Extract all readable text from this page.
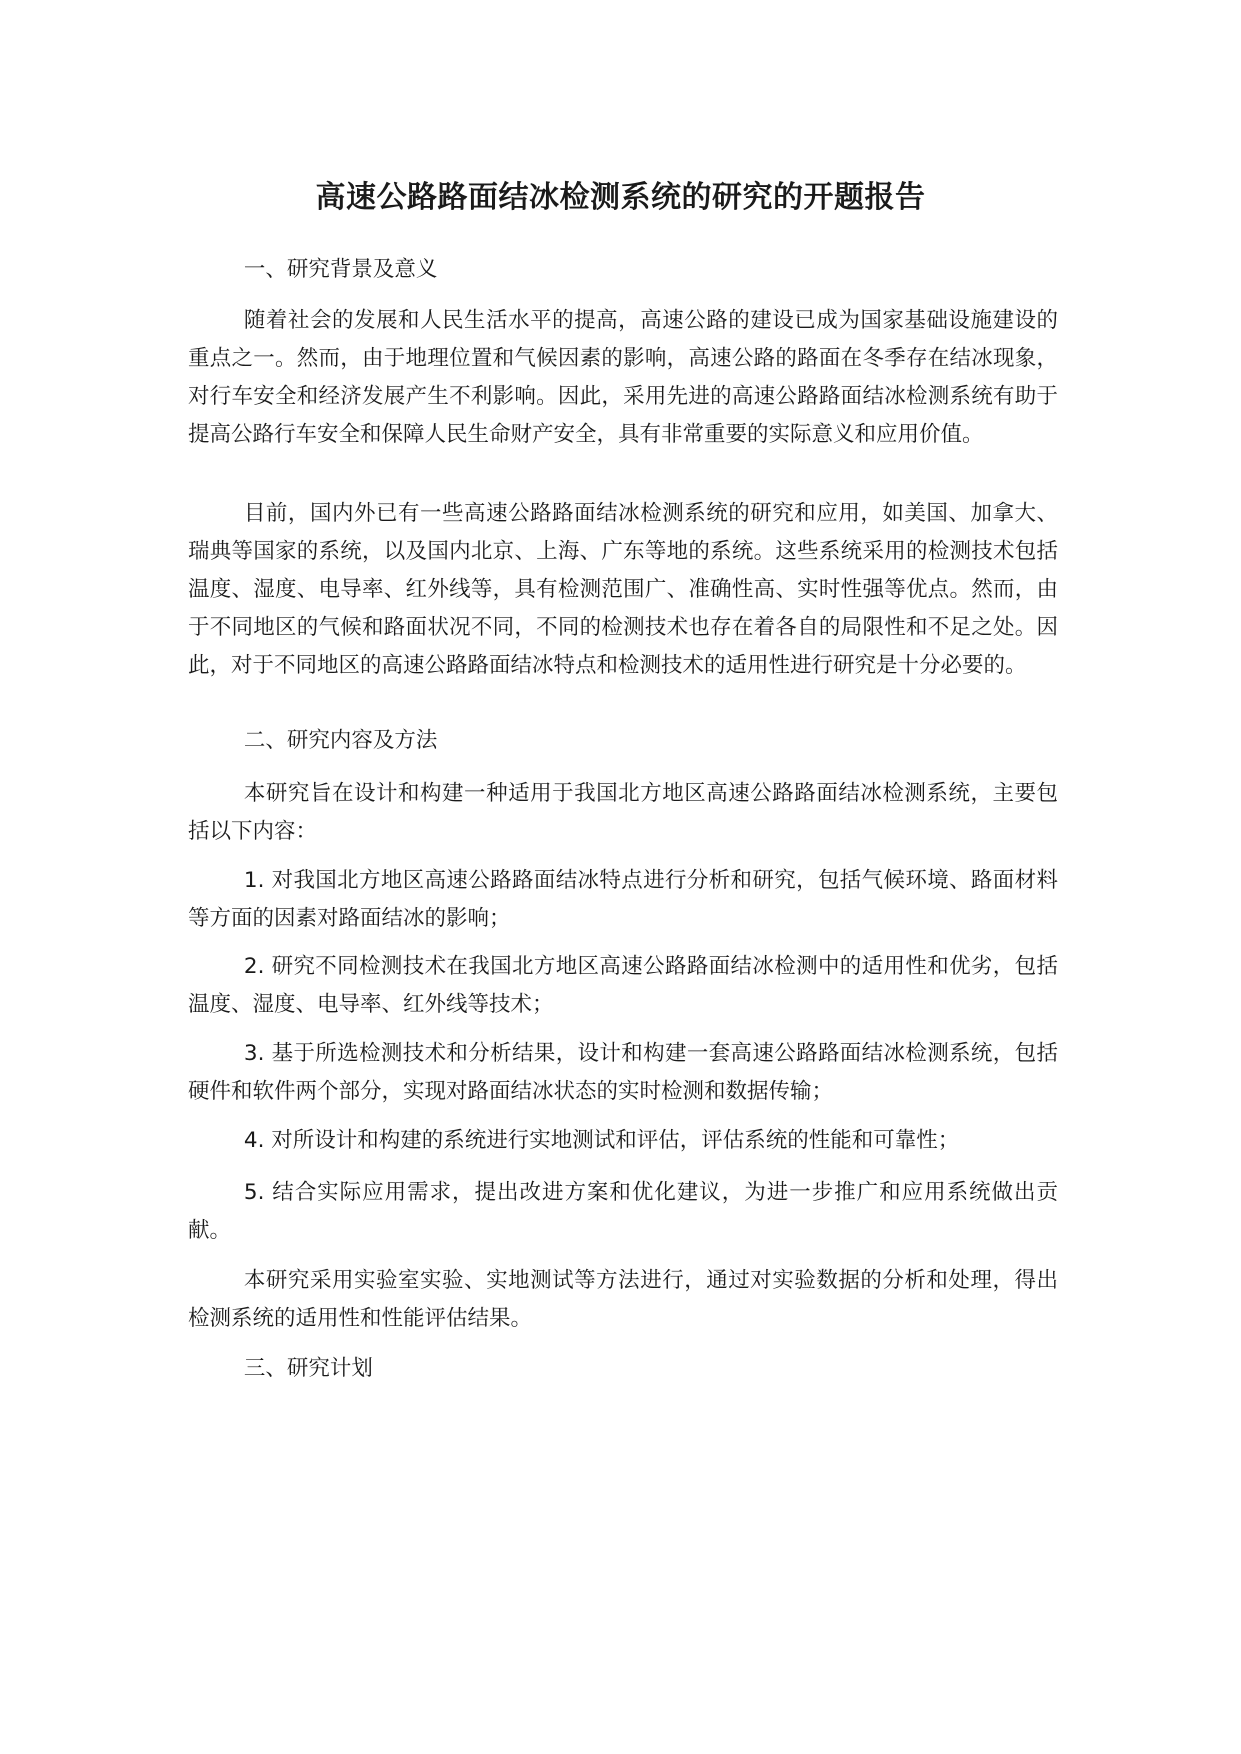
高速公路路面结冰检测系统的研究的开题报告

一、研究背景及意义

随着社会的发展和人民生活水平的提高，高速公路的建设已成为国家基础设施建设的重点之一。然而，由于地理位置和气候因素的影响，高速公路的路面在冬季存在结冰现象，对行车安全和经济发展产生不利影响。因此，采用先进的高速公路路面结冰检测系统有助于提高公路行车安全和保障人民生命财产安全，具有非常重要的实际意义和应用价值。

目前，国内外已有一些高速公路路面结冰检测系统的研究和应用，如美国、加拿大、瑞典等国家的系统，以及国内北京、上海、广东等地的系统。这些系统采用的检测技术包括温度、湿度、电导率、红外线等，具有检测范围广、准确性高、实时性强等优点。然而，由于不同地区的气候和路面状况不同，不同的检测技术也存在着各自的局限性和不足之处。因此，对于不同地区的高速公路路面结冰特点和检测技术的适用性进行研究是十分必要的。

二、研究内容及方法

本研究旨在设计和构建一种适用于我国北方地区高速公路路面结冰检测系统，主要包括以下内容：

1. 对我国北方地区高速公路路面结冰特点进行分析和研究，包括气候环境、路面材料等方面的因素对路面结冰的影响；

2. 研究不同检测技术在我国北方地区高速公路路面结冰检测中的适用性和优劣，包括温度、湿度、电导率、红外线等技术；

3. 基于所选检测技术和分析结果，设计和构建一套高速公路路面结冰检测系统，包括硬件和软件两个部分，实现对路面结冰状态的实时检测和数据传输；

4. 对所设计和构建的系统进行实地测试和评估，评估系统的性能和可靠性；

5. 结合实际应用需求，提出改进方案和优化建议，为进一步推广和应用系统做出贡献。

本研究采用实验室实验、实地测试等方法进行，通过对实验数据的分析和处理，得出检测系统的适用性和性能评估结果。

三、研究计划
